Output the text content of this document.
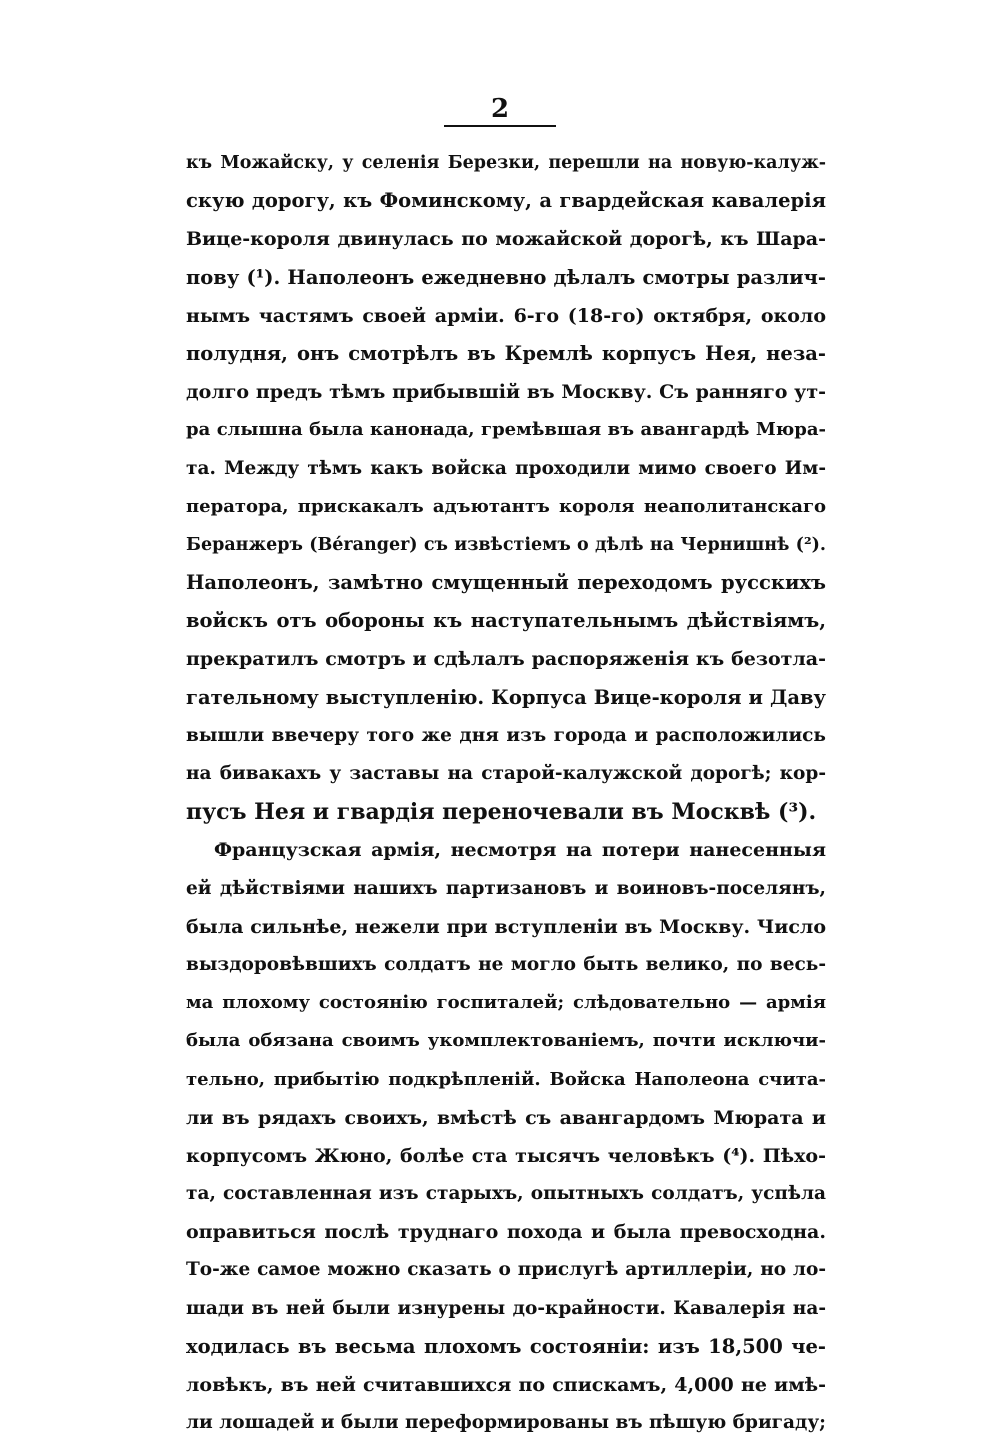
2
къ Можайску, у селенія Березки, перешли на новую-калуж-
скую дорогу, къ Фоминскому, а гвардейская кавалерія
Вице-короля двинулась по можайской дорогѣ, къ Шара-
пову (¹). Наполеонъ ежедневно дѣлалъ смотры различ-
нымъ частямъ своей арміи. 6-го (18-го) октября, около
полудня, онъ смотрѣлъ въ Кремлѣ корпусъ Нея, неза-
долго предъ тѣмъ прибывшій въ Москву. Съ ранняго ут-
ра слышна была канонада, гремѣвшая въ авангардѣ Мюра-
та. Между тѣмъ какъ войска проходили мимо своего Им-
ператора, прискакалъ адъютантъ короля неаполитанскаго
Беранжеръ (Bérangеr) съ извѣстіемъ о дѣлѣ на Чернишнѣ (²).
Наполеонъ, замѣтно смущенный переходомъ русскихъ
войскъ отъ обороны къ наступательнымъ дѣйствіямъ,
прекратилъ смотръ и сдѣлалъ распоряженія къ безотла-
гательному выступленію. Корпуса Вице-короля и Даву
вышли ввечеру того же дня изъ города и расположились
на бивакахъ у заставы на старой-калужской дорогѣ; кор-
пусъ Нея и гвардія переночевали въ Москвѣ (³).
Французская армія, несмотря на потери нанесенныя
ей дѣйствіями нашихъ партизановъ и воиновъ-поселянъ,
была сильнѣе, нежели при вступленіи въ Москву. Число
выздоровѣвшихъ солдатъ не могло быть велико, по весь-
ма плохому состоянію госпиталей; слѣдовательно — армія
была обязана своимъ укомплектованіемъ, почти исключи-
тельно, прибытію подкрѣпленій. Войска Наполеона счита-
ли въ рядахъ своихъ, вмѣстѣ съ авангардомъ Мюрата и
корпусомъ Жюно, болѣе ста тысячъ человѣкъ (⁴). Пѣхо-
та, составленная изъ старыхъ, опытныхъ солдатъ, успѣла
оправиться послѣ труднаго похода и была превосходна.
То-же самое можно сказать о прислугѣ артиллеріи, но ло-
шади въ ней были изнурены до-крайности. Кавалерія на-
ходилась въ весьма плохомъ состояніи: изъ 18,500 че-
ловѣкъ, въ ней считавшихся по спискамъ, 4,000 не имѣ-
ли лошадей и были переформированы въ пѣшую бригаду;
